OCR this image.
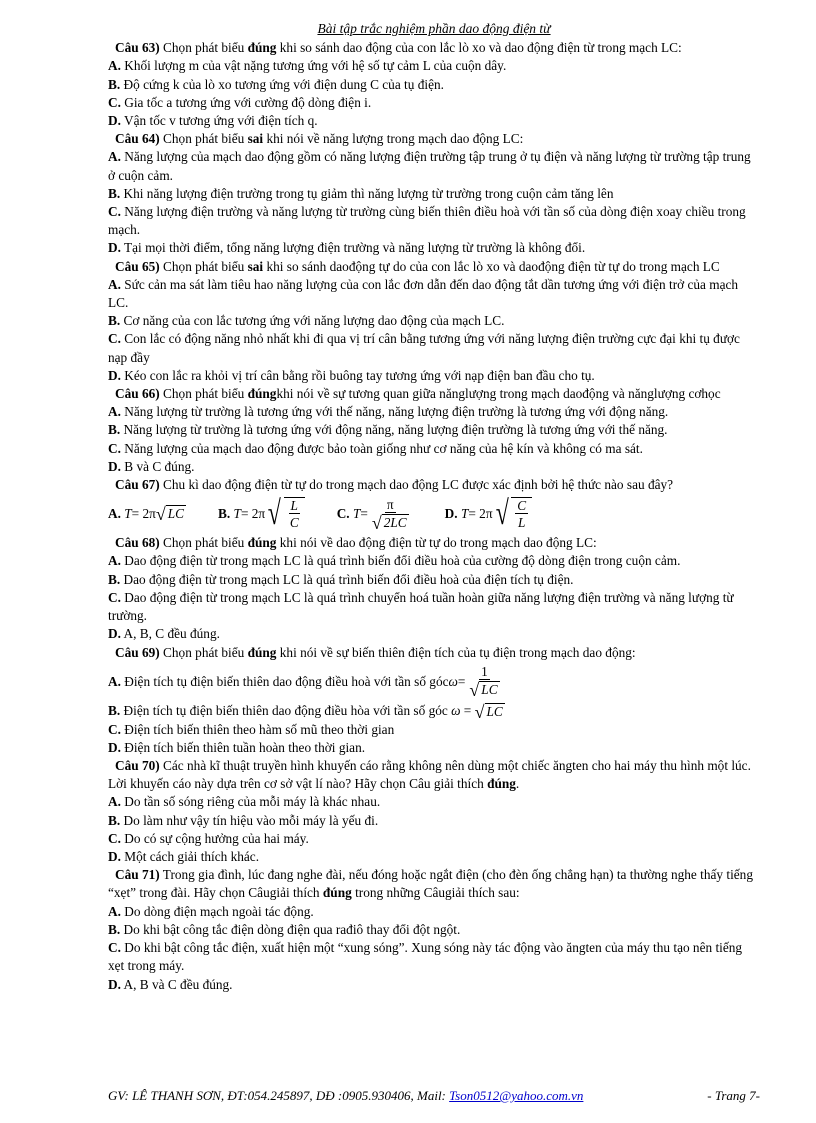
Bài tập trắc nghiệm phần dao động điện từ

Câu 63) Chọn phát biểu đúng khi so sánh dao động của con lắc lò xo và dao động điện từ trong mạch LC:

A. Khối lượng m của vật nặng tương ứng với hệ số tự cảm L của cuộn dây.

B. Độ cứng k của lò xo tương ứng với điện dung C của tụ điện.

C. Gia tốc a tương ứng với cường độ dòng điện i.

D. Vận tốc v tương ứng với điện tích q.

Câu 64) Chọn phát biểu sai khi nói về năng lượng trong mạch dao động LC:

A. Năng lượng của mạch dao động gồm có năng lượng điện trường tập trung ở tụ điện và năng lượng từ trường tập trung ở cuộn cảm.

B. Khi năng lượng điện trường trong tụ giảm thì năng lượng từ trường trong cuộn cảm tăng lên

C. Năng lượng điện trường và năng lượng từ trường cùng biến thiên điều hoà với tần số của dòng điện xoay chiều trong mạch.

D. Tại mọi thời điểm, tổng năng lượng điện trường và năng lượng từ trường là không đổi.

Câu 65) Chọn phát biểu sai khi so sánh daođộng tự do của con lắc lò xo và daođộng điện từ tự do trong mạch LC

A. Sức cản ma sát làm tiêu hao năng lượng của con lắc đơn dẫn đến dao động tắt dần tương ứng với điện trở của mạch LC.

B. Cơ năng của con lắc tương ứng với năng lượng dao động của mạch LC.

C. Con lắc có động năng nhỏ nhất khi đi qua vị trí cân bằng tương ứng với năng lượng điện trường cực đại khi tụ được nạp đầy

D. Kéo con lắc ra khỏi vị trí cân bằng rồi buông tay tương ứng với nạp điện ban đầu cho tụ.

Câu 66) Chọn phát biểu đúngkhi nói về sự tương quan giữa nănglượng trong mạch daođộng và nănglượng cơhọc

A. Năng lượng từ trường là tương ứng với thế năng, năng lượng điện trường là tương ứng với động năng.

B. Năng lượng từ trường là tương ứng với động năng, năng lượng điện trường là tương ứng với thế năng.

C. Năng lượng của mạch dao động được bảo toàn giống như cơ năng của hệ kín và không có ma sát.

D. B và C đúng.

Câu 67) Chu kì dao động điện từ tự do trong mạch dao động LC được xác định bởi hệ thức nào sau đây?

A.
T = 2π √ LC	B.
T = 2π √ $\frac{L}{C}$	C.
$T = \frac{\pi}{√ 2LC}$	D.
T = 2π √ $\frac{C}{L}$

Câu 68) Chọn phát biểu đúng khi nói về dao động điện từ tự do trong mạch dao động LC:

A. Dao động điện từ trong mạch LC là quá trình biến đổi điều hoà của cường độ dòng điện trong cuộn cảm.

B. Dao động điện từ trong mạch LC là quá trình biến đổi điều hoà của điện tích tụ điện.

C. Dao động điện từ trong mạch LC là quá trình chuyển hoá tuần hoàn giữa năng lượng điện trường và năng lượng từ trường.

D. A, B, C đều đúng.

Câu 69) Chọn phát biểu đúng khi nói về sự biến thiên điện tích của tụ điện trong mạch dao động:

A. Điện tích tụ điện biến thiên dao động điều hoà với tần số góc $\omega = \frac{1}{√ LC}$

B. Điện tích tụ điện biến thiên dao động điều hòa với tần số góc ω = √ LC

C. Điện tích biến thiên theo hàm số mũ theo thời gian

D. Điện tích biến thiên tuần hoàn theo thời gian.

Câu 70) Các nhà kĩ thuật truyền hình khuyến cáo rằng không nên dùng một chiếc ăngten cho hai máy thu hình một lúc. Lời khuyến cáo này dựa trên cơ sở vật lí nào? Hãy chọn Câu giải thích đúng.

A. Do tần số sóng riêng của mỗi máy là khác nhau.

B. Do làm như vậy tín hiệu vào mỗi máy là yếu đi.

C. Do có sự cộng hưởng của hai máy.

D. Một cách giải thích khác.

Câu 71) Trong gia đình, lúc đang nghe đài, nếu đóng hoặc ngắt điện (cho đèn ống chẳng hạn) ta thường nghe thấy tiếng “xẹt” trong đài. Hãy chọn Câugiải thích đúng trong những Câugiải thích sau:

A. Do dòng điện mạch ngoài tác động.

B. Do khi bật công tắc điện dòng điện qua rađiô thay đổi đột ngột.

C. Do khi bật công tắc điện, xuất hiện một “xung sóng”. Xung sóng này tác động vào ăngten của máy thu tạo nên tiếng xẹt trong máy.

D. A, B và C đều đúng.

GV: LÊ THANH SƠN, ĐT:054.245897, DĐ :0905.930406, Mail: Tson0512@yahoo.com.vn	- Trang 7-
